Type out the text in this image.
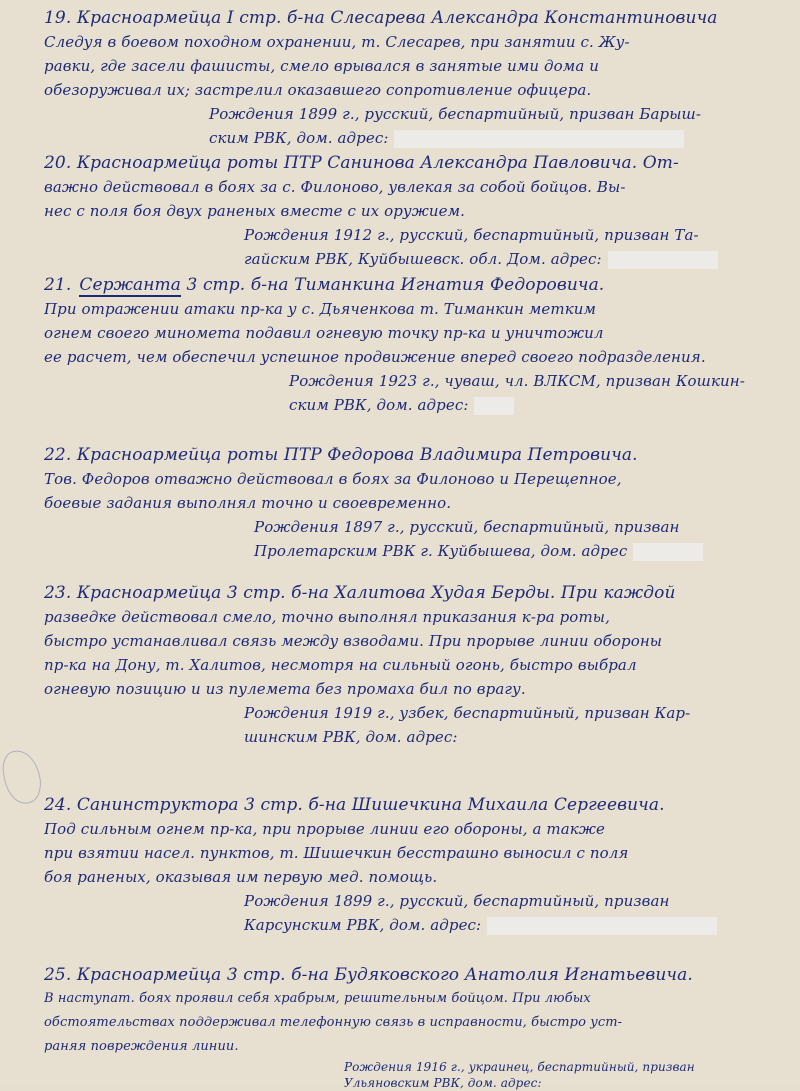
19. Красноармейца I стр. б-на Слесарева Александра Константиновича
Следуя в боевом походном охранении, т. Слесарев, при занятии с. Жу-
равки, где засели фашисты, смело врывался в занятые ими дома и
обезоруживал их; застрелил оказавшего сопротивление офицера.
Рождения 1899 г., русский, беспартийный, призван Барыш-
ским РВК, дом. адрес:
20. Красноармейца роты ПТР Санинова Александра Павловича. От-
важно действовал в боях за с. Филоново, увлекая за собой бойцов. Вы-
нес с поля боя двух раненых вместе с их оружием.
Рождения 1912 г., русский, беспартийный, призван Та-
гайским РВК, Куйбышевск. обл. Дом. адрес:
21. Сержанта 3 стр. б-на Тиманкина Игнатия Федоровича.
При отражении атаки пр-ка у с. Дьяченкова т. Тиманкин метким
огнем своего миномета подавил огневую точку пр-ка и уничтожил
ее расчет, чем обеспечил успешное продвижение вперед своего подразделения.
Рождения 1923 г., чуваш, чл. ВЛКСМ, призван Кошкин-
ским РВК, дом. адрес:
22. Красноармейца роты ПТР Федорова Владимира Петровича.
Тов. Федоров отважно действовал в боях за Филоново и Перещепное,
боевые задания выполнял точно и своевременно.
Рождения 1897 г., русский, беспартийный, призван
Пролетарским РВК г. Куйбышева, дом. адрес
23. Красноармейца 3 стр. б-на Халитова Худая Берды. При каждой
разведке действовал смело, точно выполнял приказания к-ра роты,
быстро устанавливал связь между взводами. При прорыве линии обороны
пр-ка на Дону, т. Халитов, несмотря на сильный огонь, быстро выбрал
огневую позицию и из пулемета без промаха бил по врагу.
Рождения 1919 г., узбек, беспартийный, призван Кар-
шинским РВК, дом. адрес:
24. Санинструктора 3 стр. б-на Шишечкина Михаила Сергеевича.
Под сильным огнем пр-ка, при прорыве линии его обороны, а также
при взятии насел. пунктов, т. Шишечкин бесстрашно выносил с поля
боя раненых, оказывая им первую мед. помощь.
Рождения 1899 г., русский, беспартийный, призван
Карсунским РВК, дом. адрес:
25. Красноармейца 3 стр. б-на Будяковского Анатолия Игнатьевича.
В наступат. боях проявил себя храбрым, решительным бойцом. При любых
обстоятельствах поддерживал телефонную связь в исправности, быстро уст-
раняя повреждения линии.
Рождения 1916 г., украинец, беспартийный, призван
Ульяновским РВК, дом. адрес:
